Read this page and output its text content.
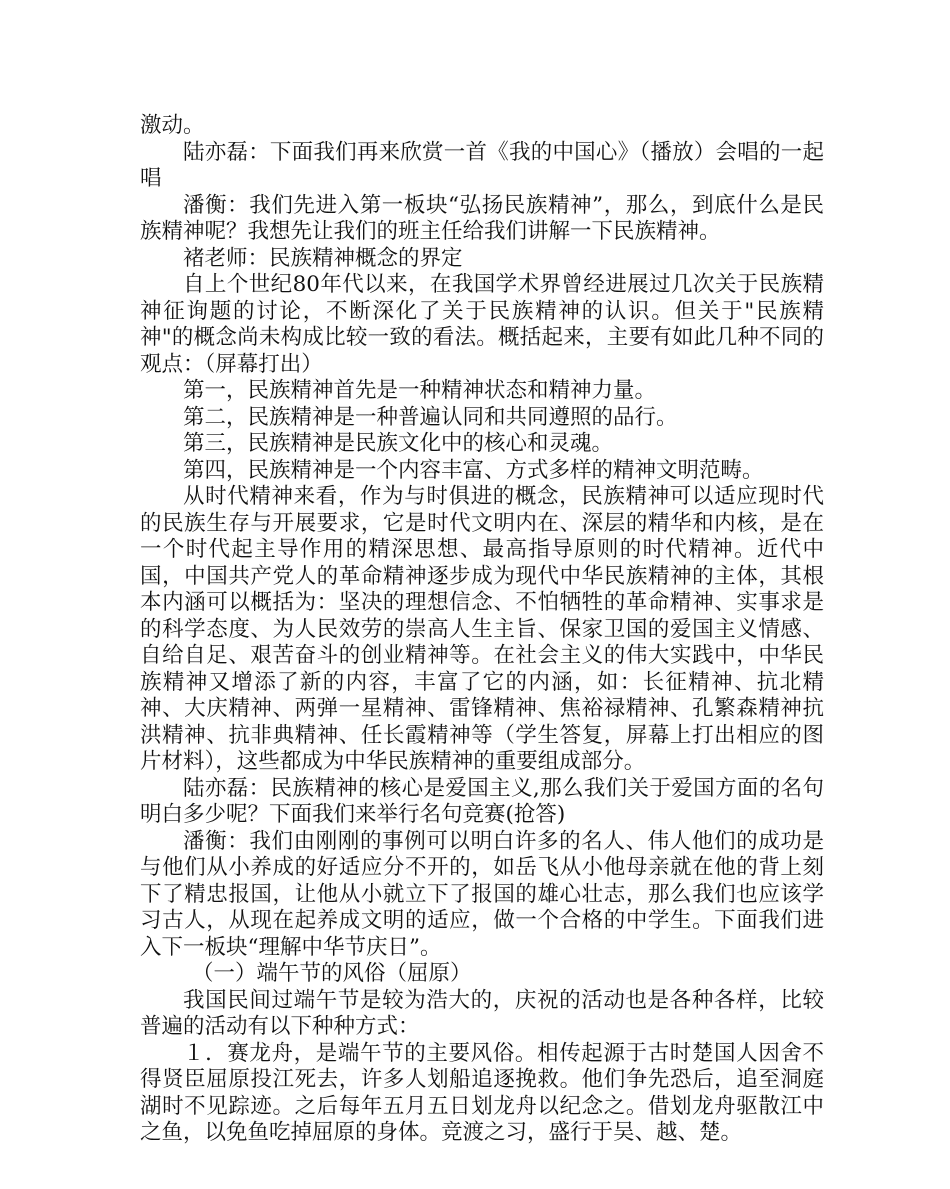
激动。

陆亦磊：下面我们再来欣赏一首《我的中国心》（播放）会唱的一起唱

潘衡：我们先进入第一板块“弘扬民族精神”，那么，到底什么是民族精神呢？我想先让我们的班主任给我们讲解一下民族精神。

褚老师：民族精神概念的界定

自上个世纪80年代以来，在我国学术界曾经进展过几次关于民族精神征询题的讨论，不断深化了关于民族精神的认识。但关于"民族精神"的概念尚未构成比较一致的看法。概括起来，主要有如此几种不同的观点：（屏幕打出）

第一，民族精神首先是一种精神状态和精神力量。

第二，民族精神是一种普遍认同和共同遵照的品行。

第三，民族精神是民族文化中的核心和灵魂。

第四，民族精神是一个内容丰富、方式多样的精神文明范畴。

从时代精神来看，作为与时俱进的概念，民族精神可以适应现时代的民族生存与开展要求，它是时代文明内在、深层的精华和内核，是在一个时代起主导作用的精深思想、最高指导原则的时代精神。近代中国，中国共产党人的革命精神逐步成为现代中华民族精神的主体，其根本内涵可以概括为：坚决的理想信念、不怕牺牲的革命精神、实事求是的科学态度、为人民效劳的崇高人生主旨、保家卫国的爱国主义情感、自给自足、艰苦奋斗的创业精神等。在社会主义的伟大实践中，中华民族精神又增添了新的内容，丰富了它的内涵，如：长征精神、抗北精神、大庆精神、两弹一星精神、雷锋精神、焦裕禄精神、孔繁森精神抗洪精神、抗非典精神、任长霞精神等（学生答复，屏幕上打出相应的图片材料），这些都成为中华民族精神的重要组成部分。

陆亦磊：民族精神的核心是爱国主义,那么我们关于爱国方面的名句明白多少呢？下面我们来举行名句竞赛(抢答)

潘衡：我们由刚刚的事例可以明白许多的名人、伟人他们的成功是与他们从小养成的好适应分不开的，如岳飞从小他母亲就在他的背上刻下了精忠报国，让他从小就立下了报国的雄心壮志，那么我们也应该学习古人，从现在起养成文明的适应，做一个合格的中学生。下面我们进入下一板块“理解中华节庆日”。

（一）端午节的风俗（屈原）

我国民间过端午节是较为浩大的，庆祝的活动也是各种各样，比较普遍的活动有以下种种方式：

１．赛龙舟，是端午节的主要风俗。相传起源于古时楚国人因舍不得贤臣屈原投江死去，许多人划船追逐挽救。他们争先恐后，追至洞庭湖时不见踪迹。之后每年五月五日划龙舟以纪念之。借划龙舟驱散江中之鱼，以免鱼吃掉屈原的身体。竞渡之习，盛行于吴、越、楚。
